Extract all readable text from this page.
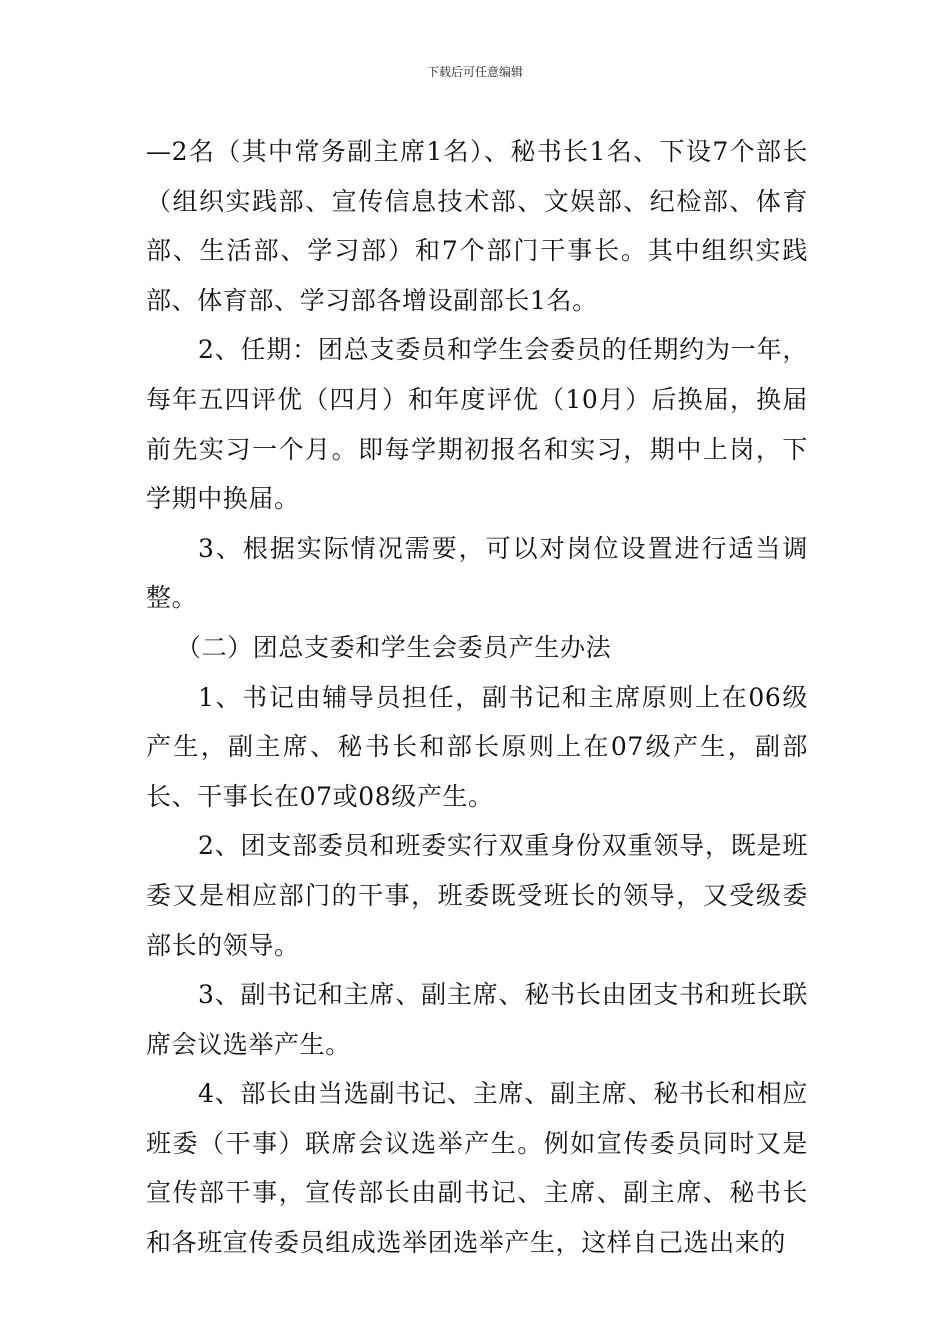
下载后可任意编辑

—2名（其中常务副主席1名）、秘书长1名、下设7个部长（组织实践部、宣传信息技术部、文娱部、纪检部、体育部、生活部、学习部）和7个部门干事长。其中组织实践部、体育部、学习部各增设副部长1名。

2、任期：团总支委员和学生会委员的任期约为一年，每年五四评优（四月）和年度评优（10月）后换届，换届前先实习一个月。即每学期初报名和实习，期中上岗，下学期中换届。

3、根据实际情况需要，可以对岗位设置进行适当调整。

（二）团总支委和学生会委员产生办法

1、书记由辅导员担任，副书记和主席原则上在06级产生，副主席、秘书长和部长原则上在07级产生，副部长、干事长在07或08级产生。

2、团支部委员和班委实行双重身份双重领导，既是班委又是相应部门的干事，班委既受班长的领导，又受级委部长的领导。

3、副书记和主席、副主席、秘书长由团支书和班长联席会议选举产生。

4、部长由当选副书记、主席、副主席、秘书长和相应班委（干事）联席会议选举产生。例如宣传委员同时又是宣传部干事，宣传部长由副书记、主席、副主席、秘书长和各班宣传委员组成选举团选举产生，这样自己选出来的
